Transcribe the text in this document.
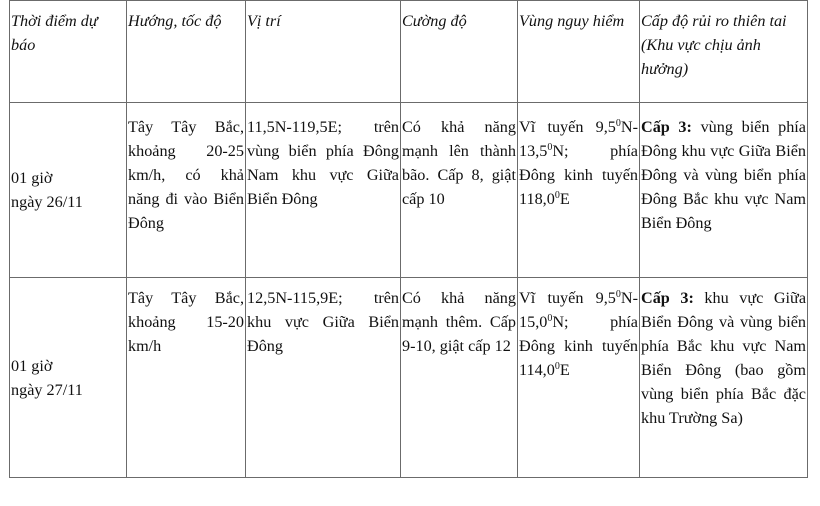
Thời điểm dự báo	Hướng, tốc độ	Vị trí	Cường độ	Vùng nguy hiểm	Cấp độ rủi ro thiên tai (Khu vực chịu ảnh hưởng)

01 giờ
ngày 26/11	Tây Tây Bắc, khoảng 20-25 km/h, có khả năng đi vào Biển Đông	11,5N-119,5E; trên vùng biển phía Đông Nam khu vực Giữa Biển Đông	Có khả năng mạnh lên thành bão. Cấp 8, giật cấp 10	Vĩ tuyến $9,5^0N-13,5^0N$; phía Đông kinh tuyến 118,0$^0$E	Cấp 3: vùng biển phía Đông khu vực Giữa Biển Đông và vùng biển phía Đông Bắc khu vực Nam Biển Đông

01 giờ
ngày 27/11	Tây Tây Bắc, khoảng 15-20 km/h	12,5N-115,9E; trên khu vực Giữa Biển Đông	Có khả năng mạnh thêm. Cấp 9-10, giật cấp 12	Vĩ tuyến $9,5^0N-15,0^0N$; phía Đông kinh tuyến 114,0$^0$E	Cấp 3: khu vực Giữa Biển Đông và vùng biển phía Bắc khu vực Nam Biển Đông (bao gồm vùng biển phía Bắc đặc khu Trường Sa)
